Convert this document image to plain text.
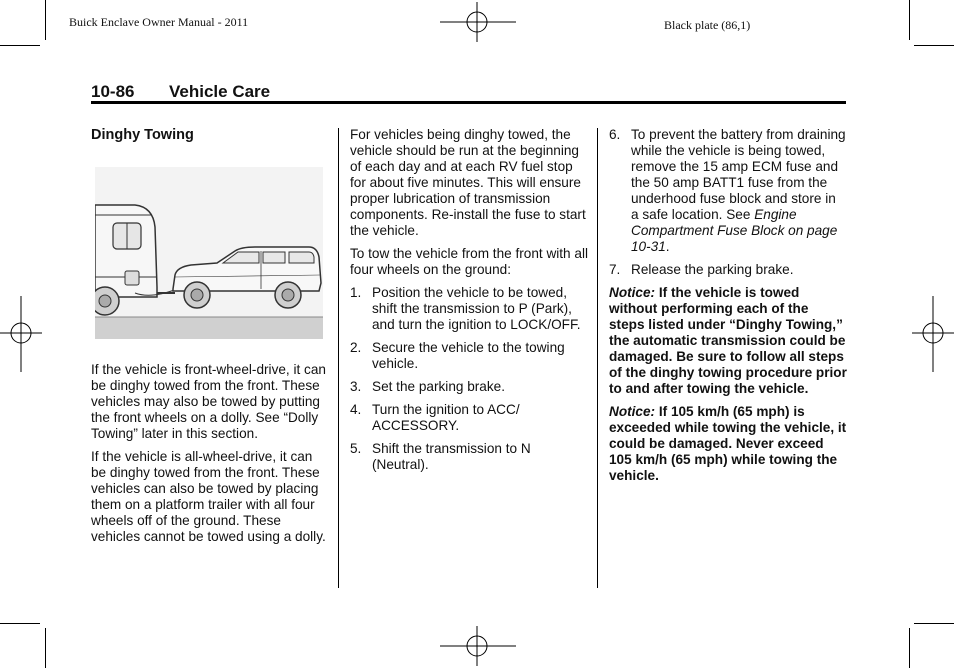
Buick Enclave Owner Manual - 2011	Black plate (86,1)
10-86 Vehicle Care

Dinghy Towing

If the vehicle is front-wheel-drive, it can be dinghy towed from the front. These vehicles may also be towed by putting the front wheels on a dolly. See “Dolly Towing” later in this section.

If the vehicle is all-wheel-drive, it can be dinghy towed from the front. These vehicles can also be towed by placing them on a platform trailer with all four wheels off of the ground. These vehicles cannot be towed using a dolly.

For vehicles being dinghy towed, the vehicle should be run at the beginning of each day and at each RV fuel stop for about five minutes. This will ensure proper lubrication of transmission components. Re-install the fuse to start the vehicle.

To tow the vehicle from the front with all four wheels on the ground:

1. Position the vehicle to be towed, shift the transmission to P (Park), and turn the ignition to LOCK/OFF.
2. Secure the vehicle to the towing vehicle.
3. Set the parking brake.
4. Turn the ignition to ACC/ ACCESSORY.
5. Shift the transmission to N (Neutral).
6. To prevent the battery from draining while the vehicle is being towed, remove the 15 amp ECM fuse and the 50 amp BATT1 fuse from the underhood fuse block and store in a safe location. See Engine Compartment Fuse Block on page 10-31.
7. Release the parking brake.

Notice: If the vehicle is towed without performing each of the steps listed under “Dinghy Towing,” the automatic transmission could be damaged. Be sure to follow all steps of the dinghy towing procedure prior to and after towing the vehicle.

Notice: If 105 km/h (65 mph) is exceeded while towing the vehicle, it could be damaged. Never exceed 105 km/h (65 mph) while towing the vehicle.
